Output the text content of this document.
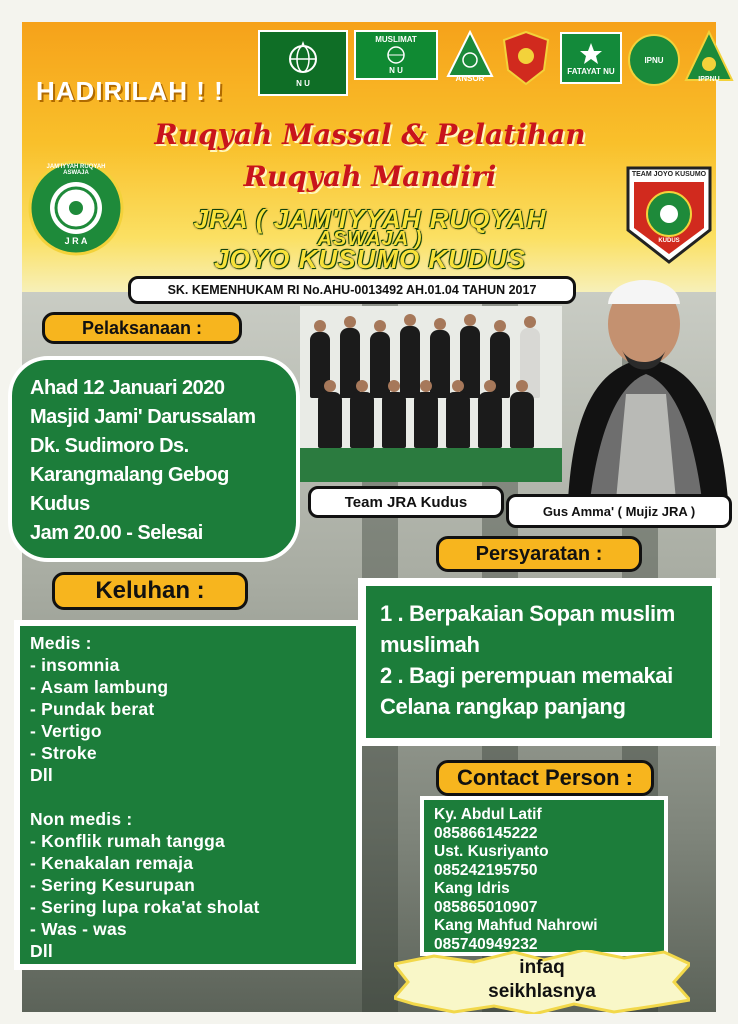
N U
MUSLIMAT
N U
ANSOR
FATAYAT NU
IPNU
IPPNU
JAM'IYYAH RUQYAH ASWAJA
J R A
TEAM JOYO KUSUMO
KUDUS
HADIRILAH ! !
Ruqyah Massal & Pelatihan
Ruqyah Mandiri
JRA ( JAM'IYYAH RUQYAH
ASWAJA )
JOYO KUSUMO KUDUS
SK. KEMENHUKAM RI No.AHU-0013492 AH.01.04 TAHUN 2017
Pelaksanaan :
Ahad 12 Januari 2020
Masjid Jami' Darussalam
Dk. Sudimoro Ds.
Karangmalang Gebog Kudus
Jam 20.00 - Selesai
Team JRA Kudus
Gus Amma' ( Mujiz JRA )
Persyaratan :
Keluhan :
1 . Berpakaian Sopan muslim
muslimah
2 . Bagi perempuan memakai
Celana rangkap panjang
Medis :
- insomnia
- Asam lambung
- Pundak berat
- Vertigo
- Stroke
Dll
Non medis :
- Konflik rumah tangga
- Kenakalan remaja
- Sering Kesurupan
- Sering lupa roka'at sholat
- Was - was
Dll
Contact Person :
Ky. Abdul Latif
085866145222
Ust. Kusriyanto
085242195750
Kang Idris
085865010907
Kang Mahfud Nahrowi
085740949232
infaq
seikhlasnya
